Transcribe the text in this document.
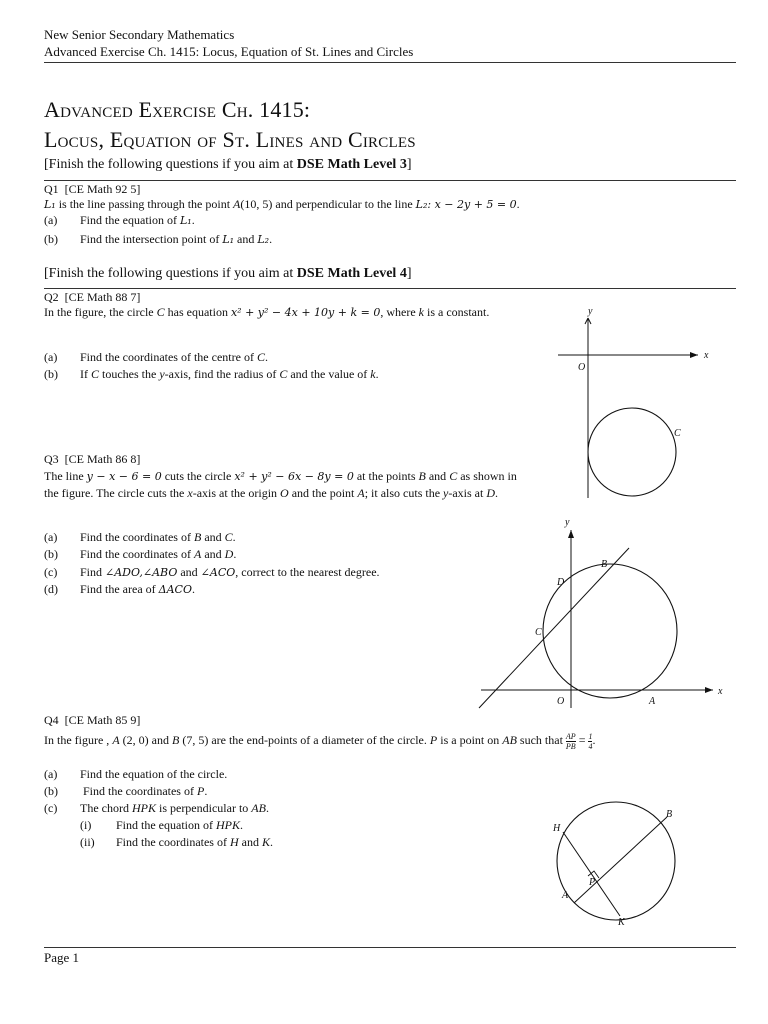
New Senior Secondary Mathematics
Advanced Exercise Ch. 1415: Locus, Equation of St. Lines and Circles
Advanced Exercise Ch. 1415:
Locus, Equation of St. Lines and Circles
[Finish the following questions if you aim at DSE Math Level 3]
Q1 [CE Math 92 5]
L₁ is the line passing through the point A(10, 5) and perpendicular to the line L₂: x − 2y + 5 = 0.
(a) Find the equation of L₁.
(b) Find the intersection point of L₁ and L₂.
[Finish the following questions if you aim at DSE Math Level 4]
Q2 [CE Math 88 7]
In the figure, the circle C has equation x² + y² − 4x + 10y + k = 0, where k is a constant.
(a) Find the coordinates of the centre of C.
(b) If C touches the y-axis, find the radius of C and the value of k.
y
x
O
C
Q3 [CE Math 86 8]
The line y − x − 6 = 0 cuts the circle x² + y² − 6x − 8y = 0 at the points B and C as shown in
the figure. The circle cuts the x-axis at the origin O and the point A; it also cuts the y-axis at D.
(a) Find the coordinates of B and C.
(b) Find the coordinates of A and D.
(c) Find ∠ADO,∠ABO and ∠ACO, correct to the nearest degree.
(d) Find the area of ΔACO.
y
x
O	A
B
C
D
Q4 [CE Math 85 9]
In the figure , A (2, 0) and B (7, 5) are the end-points of a diameter of the circle. P is a point on AB such that $\frac{AP}{PB} = \frac{1}{4}$ .
(a) Find the equation of the circle.
(b) Find the coordinates of P.
(c) The chord HPK is perpendicular to AB.
(i) Find the equation of HPK.
(ii) Find the coordinates of H and K.
H
B
P
A
K
Page 1
